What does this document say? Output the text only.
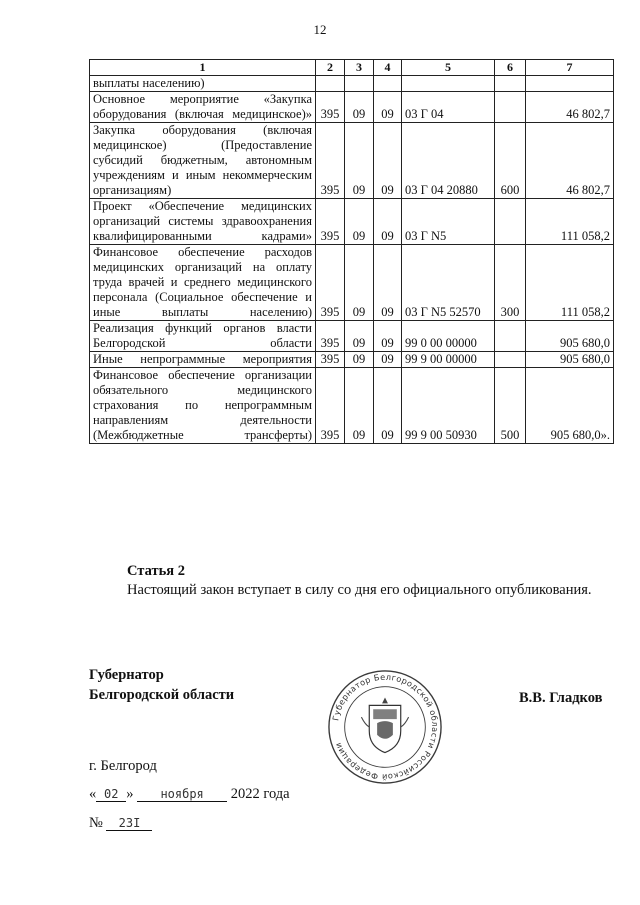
12
1	2	3	4	5	6	7
выплаты населению)						
Основное мероприятие «Закупка оборудования (включая медицинское)»	395	09	09	03 Г 04		46 802,7
Закупка оборудования (включая медицинское) (Предоставление субсидий бюджетным, автономным учреждениям и иным некоммерческим организациям)	395	09	09	03 Г 04 20880	600	46 802,7
Проект «Обеспечение медицинских организаций системы здравоохранения квалифицированными кадрами»	395	09	09	03 Г N5		111 058,2
Финансовое обеспечение расходов медицинских организаций на оплату труда врачей и среднего медицинского персонала (Социальное обеспечение и иные выплаты населению)	395	09	09	03 Г N5 52570	300	111 058,2
Реализация функций органов власти Белгородской области	395	09	09	99 0 00 00000		905 680,0
Иные непрограммные мероприятия	395	09	09	99 9 00 00000		905 680,0
Финансовое обеспечение организации обязательного медицинского страхования по непрограммным направлениям деятельности (Межбюджетные трансферты)	395	09	09	99 9 00 50930	500	905 680,0».
Статья 2
Настоящий закон вступает в силу со дня его официального опубликования.
Губернатор
Белгородской области
Губернатор Белгородской области Российской Федерации
В.В. Гладков
г. Белгород
« 02 » ноября 2022 года
№ 23I
